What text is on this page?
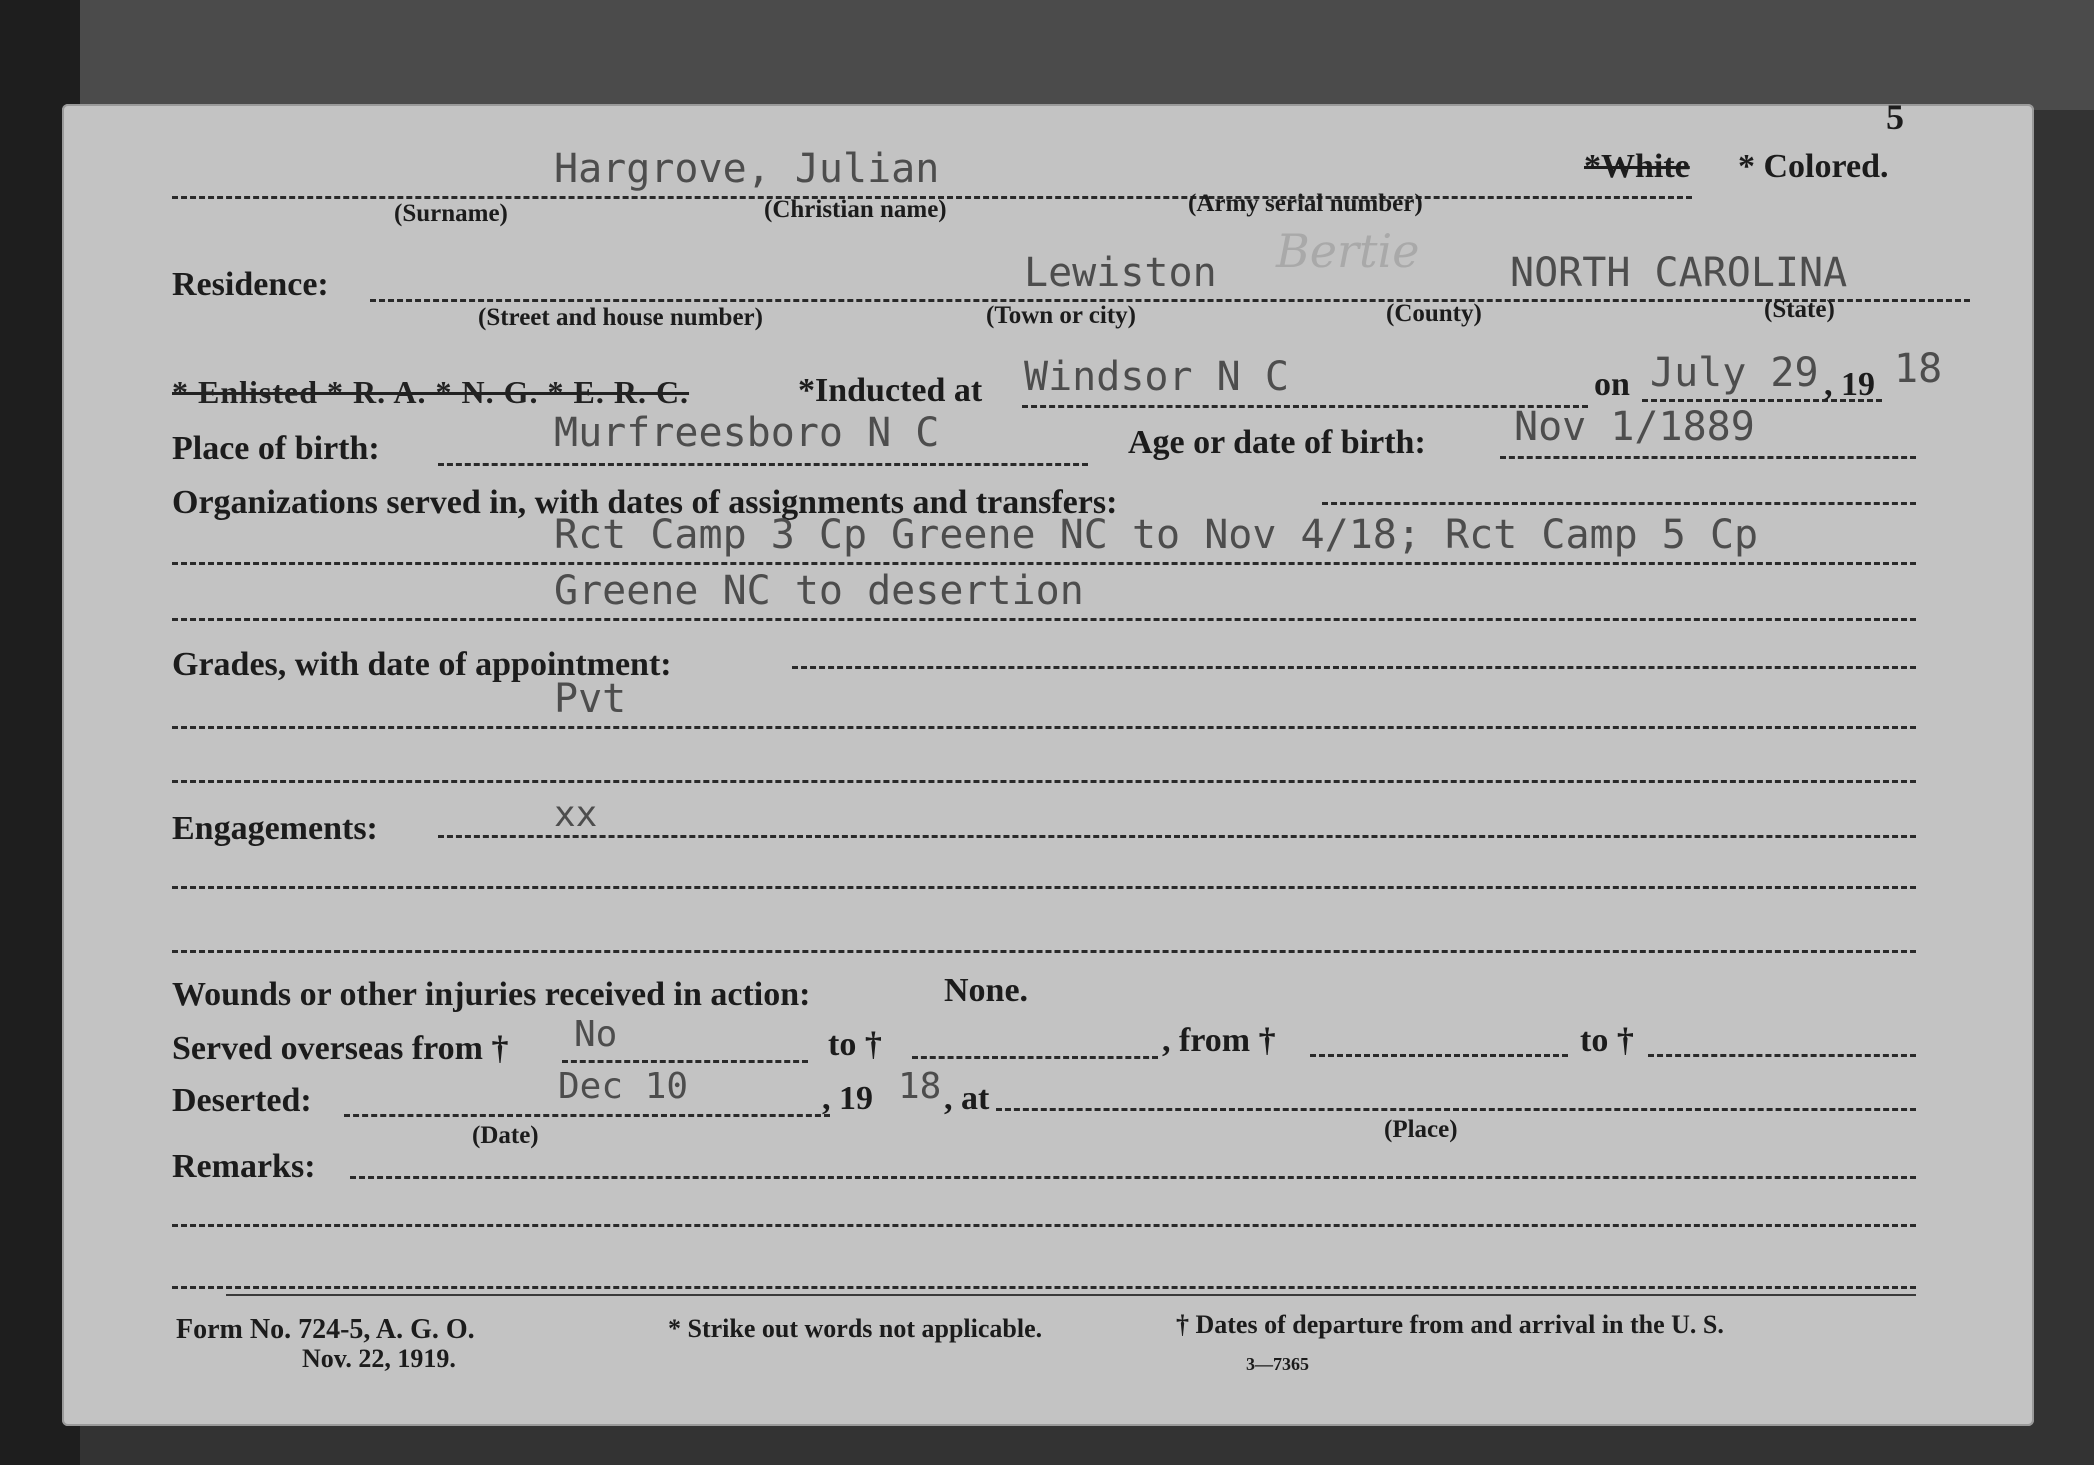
5
Hargrove, Julian
(Surname)	(Christian name)	(Army serial number)
*White * Colored.
Residence:	Lewiston Bertie NORTH CAROLINA
(Street and house number)	(Town or city)	(County)	(State)
* Enlisted * R. A. * N. G. * E. R. C.	*Inducted at Windsor N C	on July 29 , 19 18
Place of birth:	Murfreesboro N C	Age or date of birth: Nov 1/1889
Organizations served in, with dates of assignments and transfers:
Rct Camp 3 Cp Greene NC to Nov 4/18; Rct Camp 5 Cp
Greene NC to desertion
Grades, with date of appointment:
Pvt
Engagements:	xx
Wounds or other injuries received in action:	None.
Served overseas from † No	to †	, from †	to †
Deserted:	Dec 10	, 19 18 , at
(Date)	(Place)
Remarks:
Form No. 724-5, A. G. O.
Nov. 22, 1919.
* Strike out words not applicable.	† Dates of departure from and arrival in the U. S.
3—7365
